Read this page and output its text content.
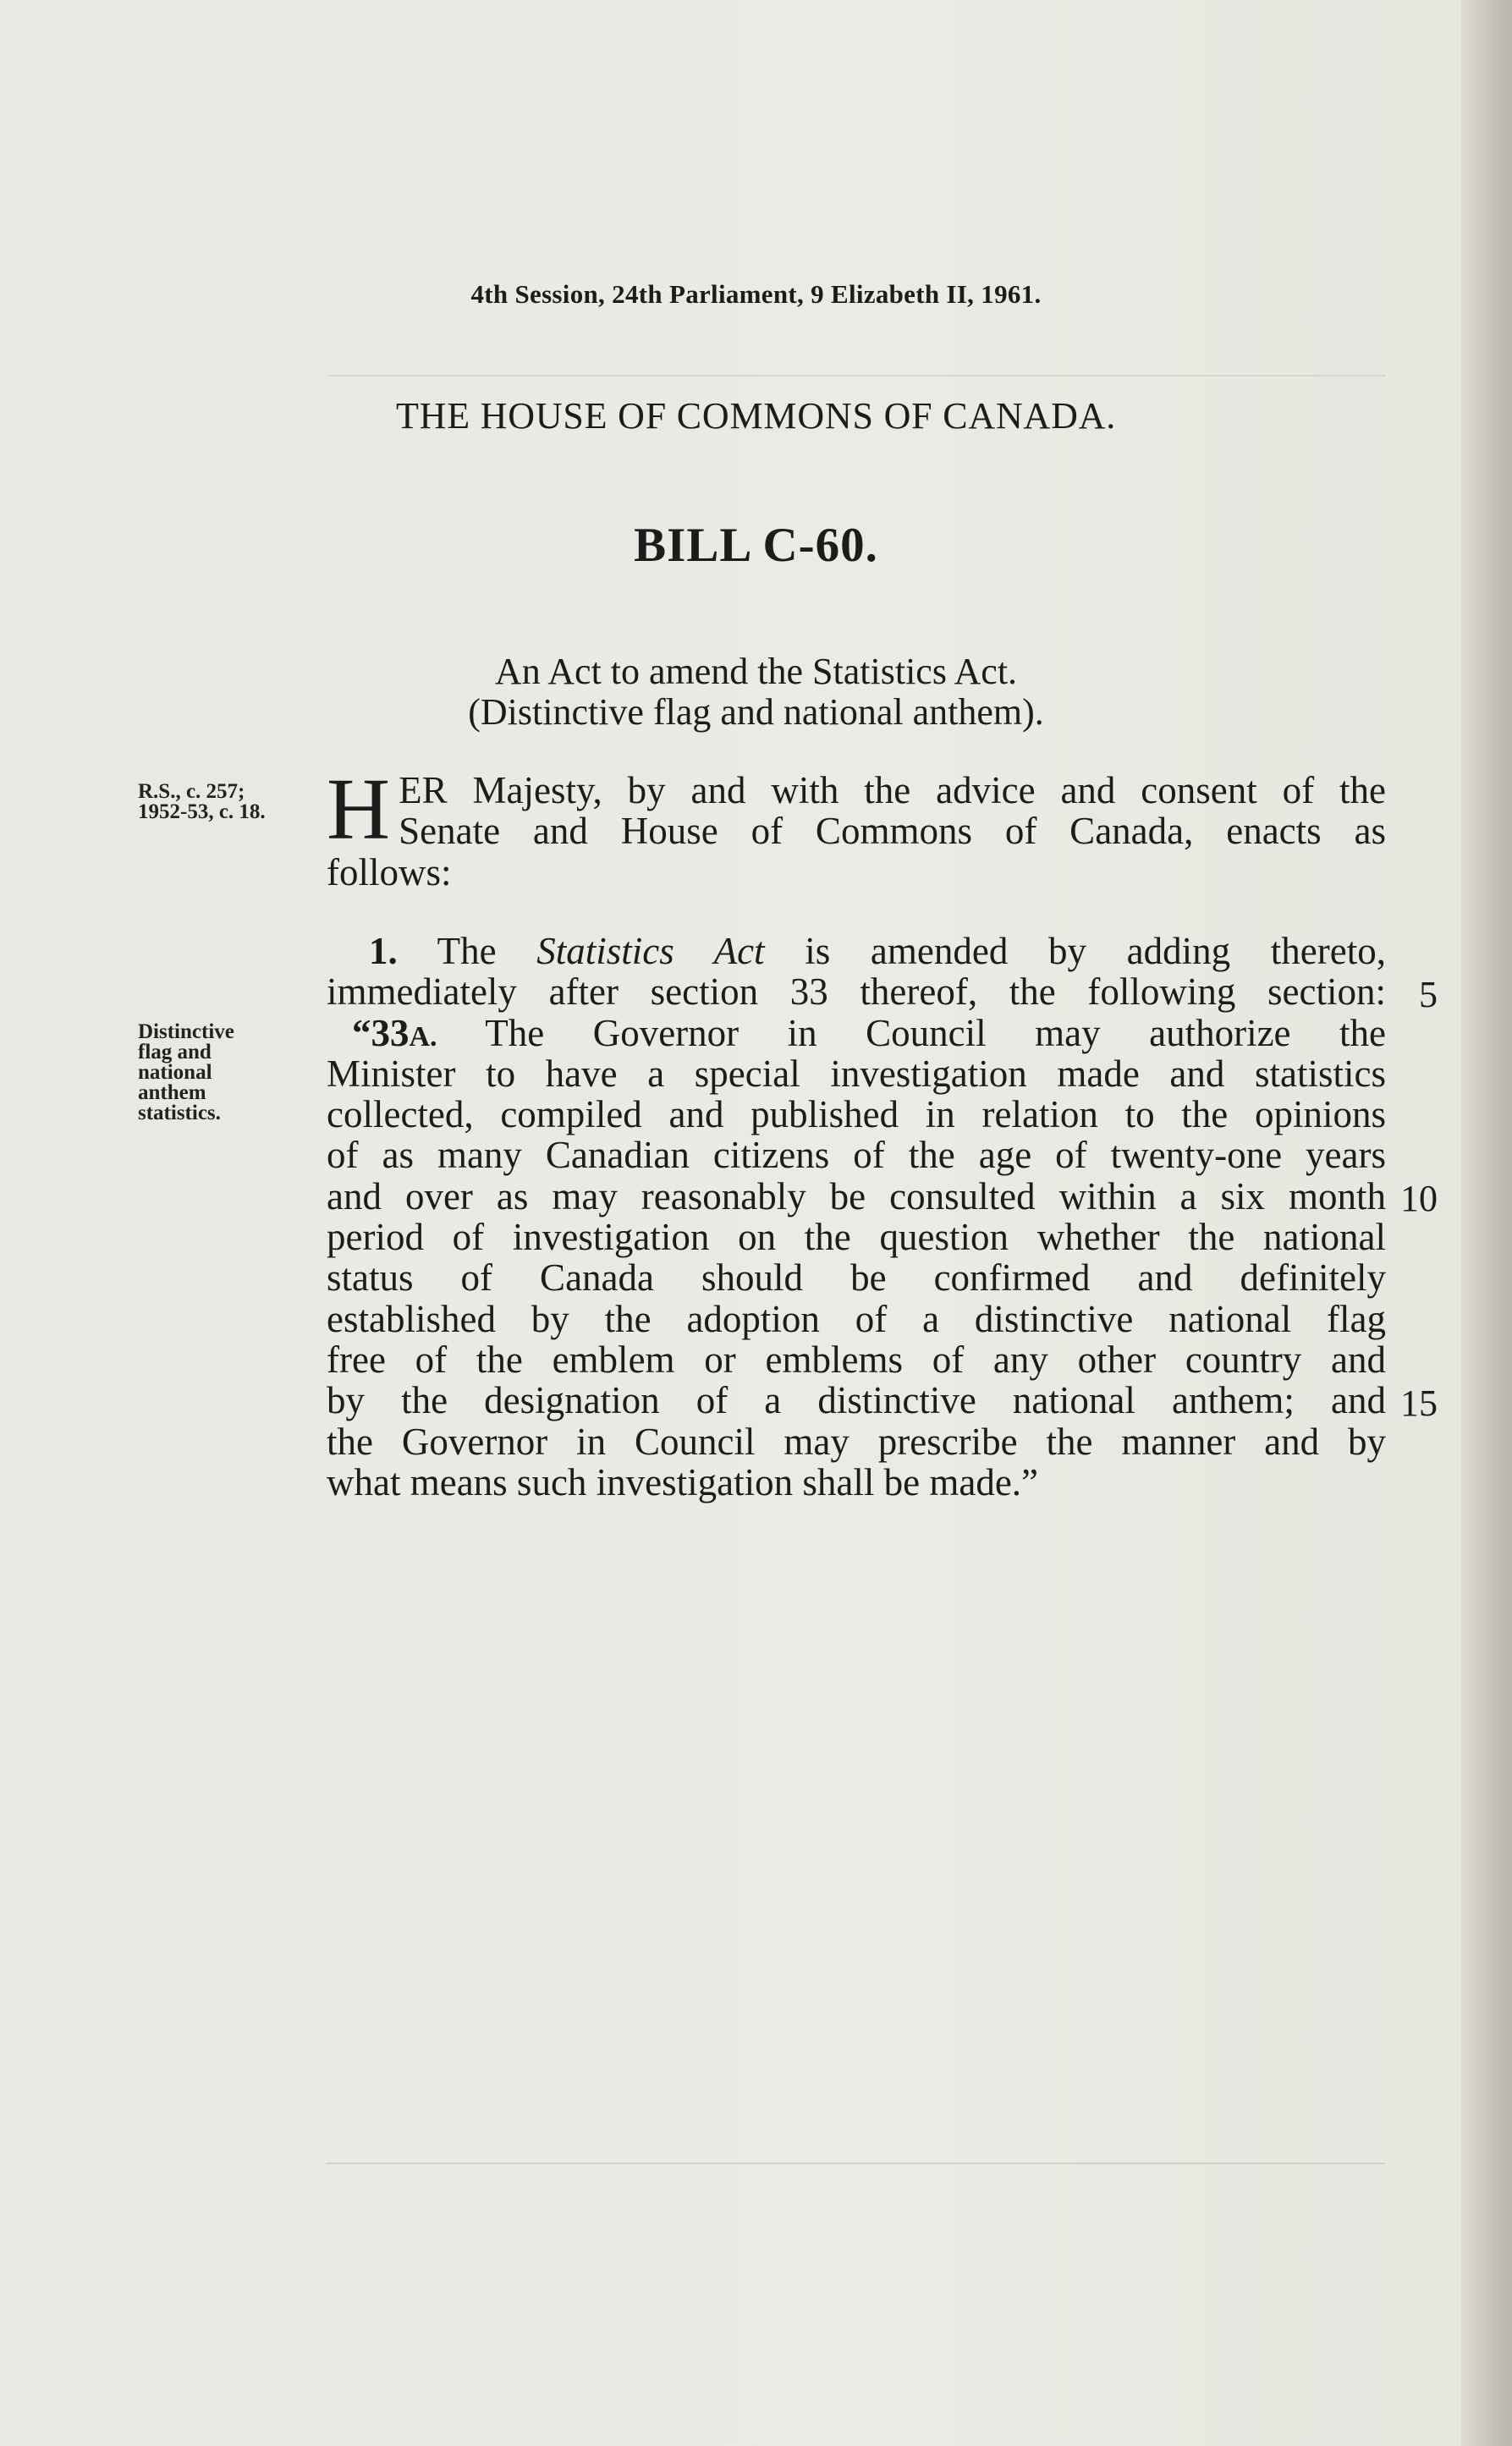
4th Session, 24th Parliament, 9 Elizabeth II, 1961.
THE HOUSE OF COMMONS OF CANADA.
BILL C-60.
An Act to amend the Statistics Act.
(Distinctive flag and national anthem).
R.S., c. 257;
1952-53, c. 18.
Distinctive
flag and
national
anthem
statistics.
H ER Majesty, by and with the advice and consent of the
Senate and House of Commons of Canada, enacts as
follows:
1. The Statistics Act is amended by adding thereto,
immediately after section 33 thereof, the following section:
“33A. The Governor in Council may authorize the
Minister to have a special investigation made and statistics
collected, compiled and published in relation to the opinions
of as many Canadian citizens of the age of twenty-one years
and over as may reasonably be consulted within a six month
period of investigation on the question whether the national
status of Canada should be confirmed and definitely
established by the adoption of a distinctive national flag
free of the emblem or emblems of any other country and
by the designation of a distinctive national anthem; and
the Governor in Council may prescribe the manner and by
what means such investigation shall be made.”
5
10
15
